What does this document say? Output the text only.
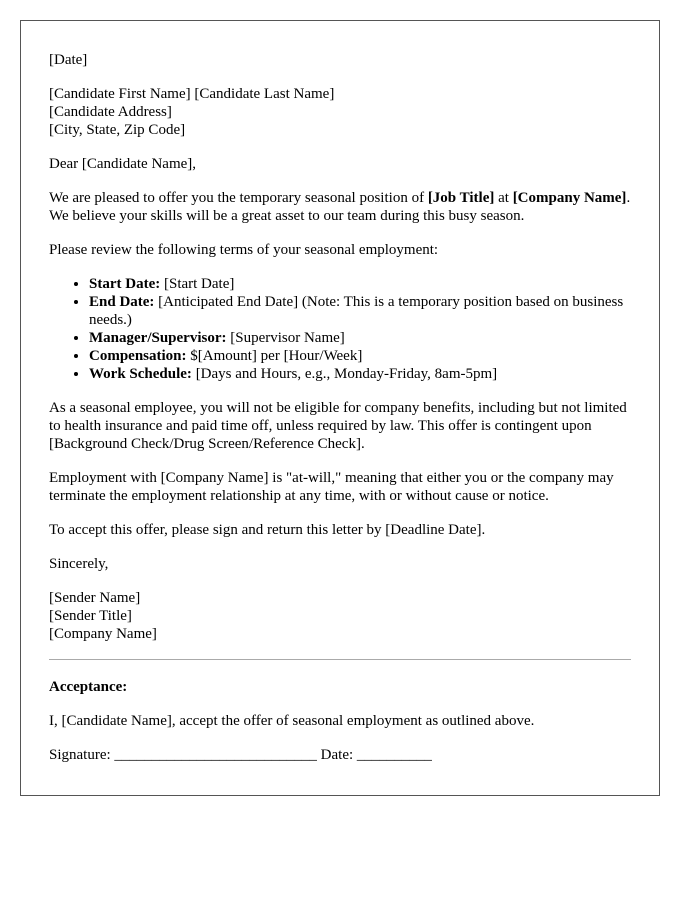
[Date]

[Candidate First Name] [Candidate Last Name]

[Candidate Address]

[City, State, Zip Code]

Dear [Candidate Name],

We are pleased to offer you the temporary seasonal position of [Job Title] at [Company Name]. We believe your skills will be a great asset to our team during this busy season.

Please review the following terms of your seasonal employment:

• Start Date: [Start Date]
• End Date: [Anticipated End Date] (Note: This is a temporary position based on business needs.)
• Manager/Supervisor: [Supervisor Name]
• Compensation: $[Amount] per [Hour/Week]
• Work Schedule: [Days and Hours, e.g., Monday-Friday, 8am-5pm]

As a seasonal employee, you will not be eligible for company benefits, including but not limited to health insurance and paid time off, unless required by law. This offer is contingent upon [Background Check/Drug Screen/Reference Check].

Employment with [Company Name] is "at-will," meaning that either you or the company may terminate the employment relationship at any time, with or without cause or notice.

To accept this offer, please sign and return this letter by [Deadline Date].

Sincerely,

[Sender Name]

[Sender Title]

[Company Name]

Acceptance:

I, [Candidate Name], accept the offer of seasonal employment as outlined above.

Signature: ___________________________ Date: __________
